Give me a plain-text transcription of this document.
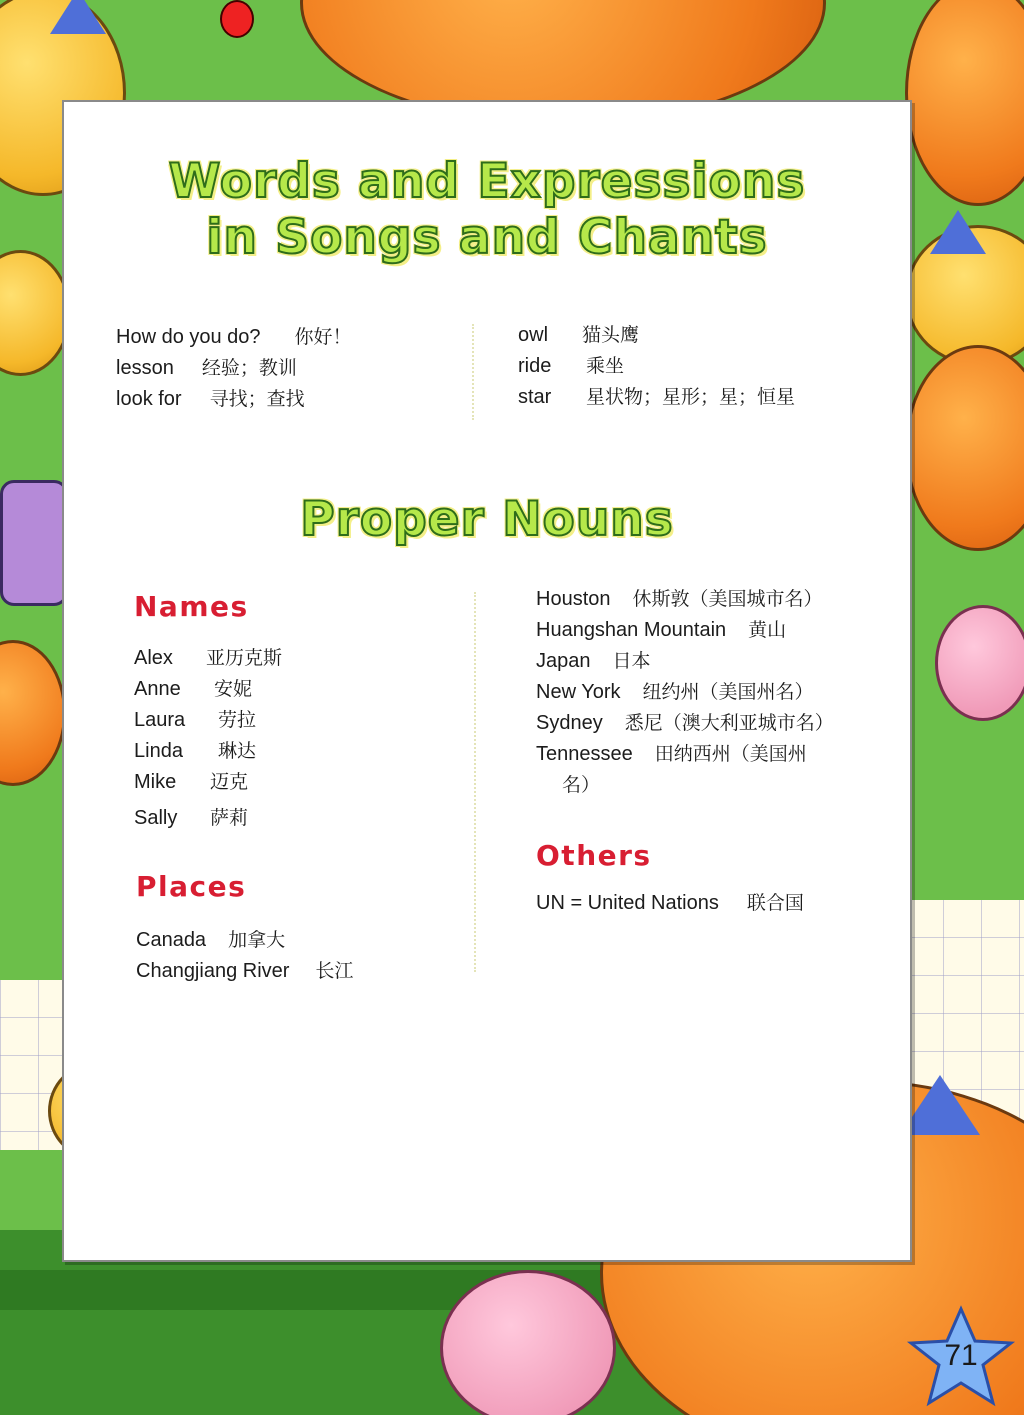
Words and Expressions
in Songs and Chants
How do you do? 你好！
lesson 经验；教训
look for 寻找；查找
owl 猫头鹰
ride 乘坐
star 星状物；星形；星；恒星
Proper Nouns
Names
Alex 亚历克斯
Anne 安妮
Laura 劳拉
Linda 琳达
Mike 迈克
Sally 萨莉
Places
Canada 加拿大
Changjiang River 长江
Houston 休斯敦（美国城市名）
Huangshan Mountain 黄山
Japan 日本
New York 纽约州（美国州名）
Sydney 悉尼（澳大利亚城市名）
Tennessee 田纳西州（美国州
名）
Others
UN = United Nations 联合国
71
